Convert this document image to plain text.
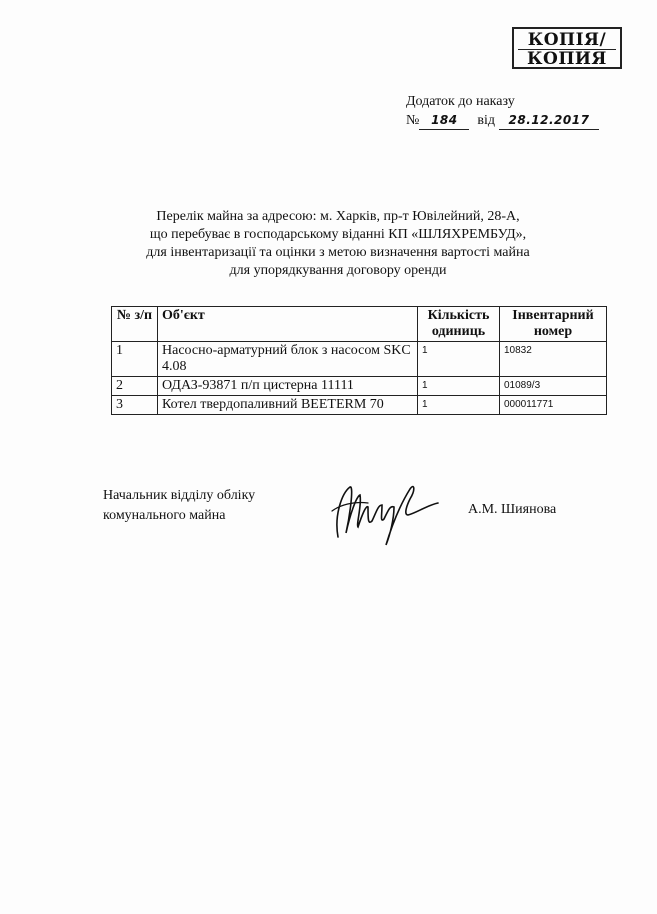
КОПІЯ/
КОПИЯ
Додаток до наказу
№ 184	від	28.12.2017
Перелік майна за адресою: м. Харків, пр-т Ювілейний, 28-А,
що перебуває в господарському віданні КП «ШЛЯХРЕМБУД»,
для інвентаризації та оцінки з метою визначення вартості майна
для упорядкування договору оренди
№ з/п	Об'єкт	Кількість одиниць	Інвентарний номер
1	Насосно-арматурний блок з насосом SKC 4.08	1	10832
2	ОДАЗ-93871 п/п цистерна 11111	1	01089/3
3	Котел твердопаливний BEETERM 70	1	000011771
Начальник відділу обліку
комунального майна	А.М. Шиянова
